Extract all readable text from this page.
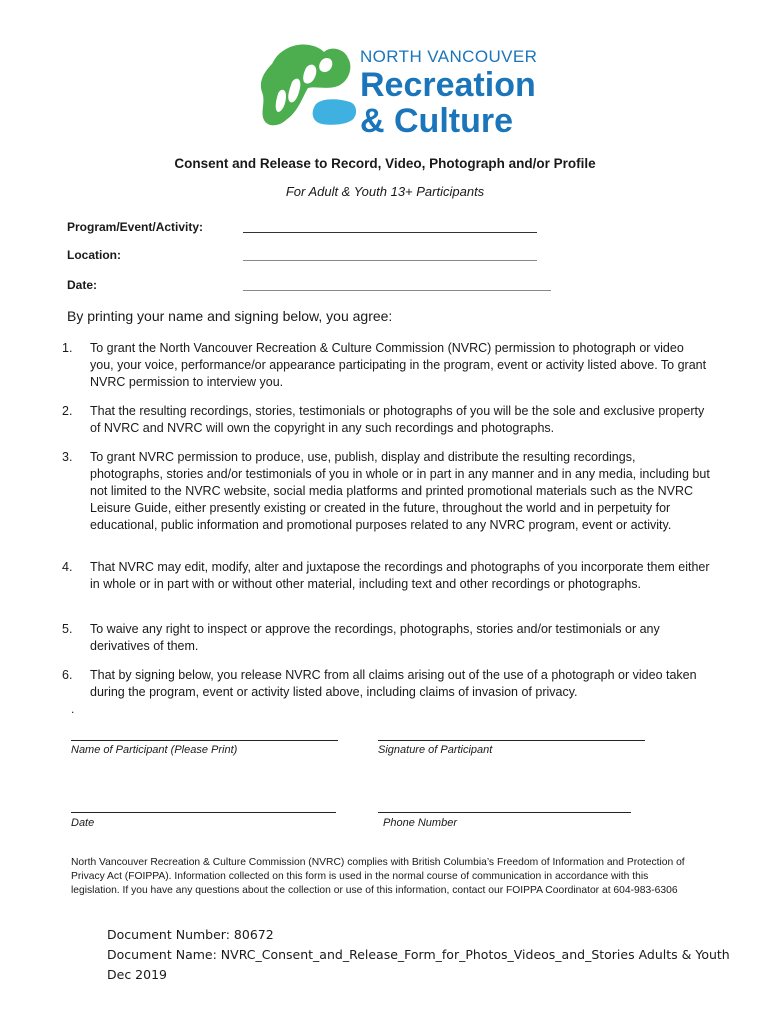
NORTH VANCOUVER
Recreation
& Culture
Consent and Release to Record, Video, Photograph and/or Profile
For Adult & Youth 13+ Participants
Program/Event/Activity:
Location:
Date:
By printing your name and signing below, you agree:
1. To grant the North Vancouver Recreation & Culture Commission (NVRC) permission to photograph or video you, your voice, performance/or appearance participating in the program, event or activity listed above. To grant NVRC permission to interview you.
2. That the resulting recordings, stories, testimonials or photographs of you will be the sole and exclusive property of NVRC and NVRC will own the copyright in any such recordings and photographs.
3. To grant NVRC permission to produce, use, publish, display and distribute the resulting recordings, photographs, stories and/or testimonials of you in whole or in part in any manner and in any media, including but not limited to the NVRC website, social media platforms and printed promotional materials such as the NVRC Leisure Guide, either presently existing or created in the future, throughout the world and in perpetuity for educational, public information and promotional purposes related to any NVRC program, event or activity.
4. That NVRC may edit, modify, alter and juxtapose the recordings and photographs of you incorporate them either in whole or in part with or without other material, including text and other recordings or photographs.
5. To waive any right to inspect or approve the recordings, photographs, stories and/or testimonials or any derivatives of them.
6. That by signing below, you release NVRC from all claims arising out of the use of a photograph or video taken during the program, event or activity listed above, including claims of invasion of privacy.
.
Name of Participant (Please Print)	Signature of Participant
Date	Phone Number
North Vancouver Recreation & Culture Commission (NVRC) complies with British Columbia’s Freedom of Information and Protection of Privacy Act (FOIPPA). Information collected on this form is used in the normal course of communication in accordance with this legislation. If you have any questions about the collection or use of this information, contact our FOIPPA Coordinator at 604-983-6306
Document Number: 80672
Document Name: NVRC_Consent_and_Release_Form_for_Photos_Videos_and_Stories Adults & Youth
Dec 2019
